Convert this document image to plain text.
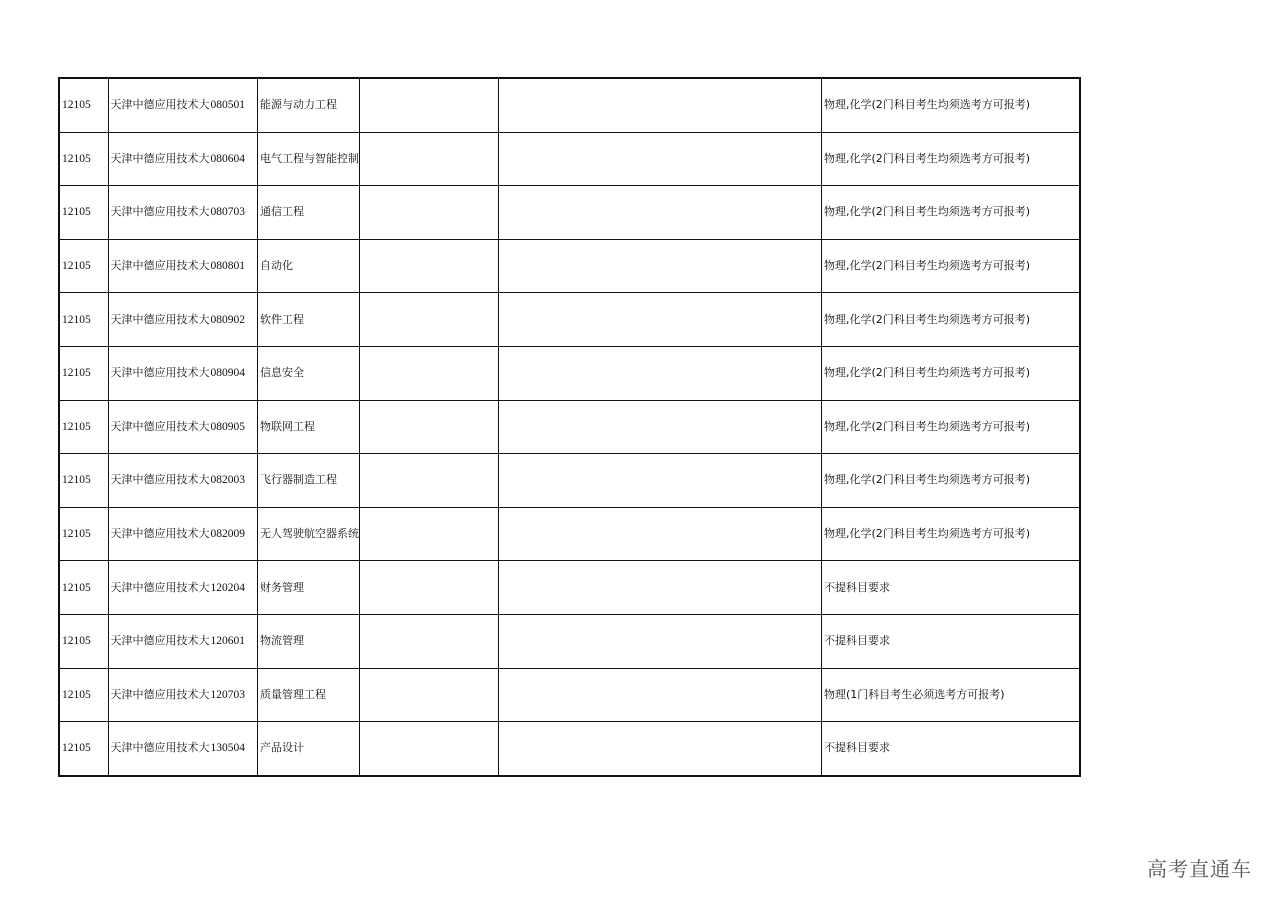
12105	天津中德应用技术大	080501	能源与动力工程			物理,化学(2门科目考生均须选考方可报考)
12105	天津中德应用技术大	080604	电气工程与智能控制			物理,化学(2门科目考生均须选考方可报考)
12105	天津中德应用技术大	080703	通信工程			物理,化学(2门科目考生均须选考方可报考)
12105	天津中德应用技术大	080801	自动化			物理,化学(2门科目考生均须选考方可报考)
12105	天津中德应用技术大	080902	软件工程			物理,化学(2门科目考生均须选考方可报考)
12105	天津中德应用技术大	080904	信息安全			物理,化学(2门科目考生均须选考方可报考)
12105	天津中德应用技术大	080905	物联网工程			物理,化学(2门科目考生均须选考方可报考)
12105	天津中德应用技术大	082003	飞行器制造工程			物理,化学(2门科目考生均须选考方可报考)
12105	天津中德应用技术大	082009	无人驾驶航空器系统			物理,化学(2门科目考生均须选考方可报考)
12105	天津中德应用技术大	120204	财务管理			不提科目要求
12105	天津中德应用技术大	120601	物流管理			不提科目要求
12105	天津中德应用技术大	120703	质量管理工程			物理(1门科目考生必须选考方可报考)
12105	天津中德应用技术大	130504	产品设计			不提科目要求
高考直通车
